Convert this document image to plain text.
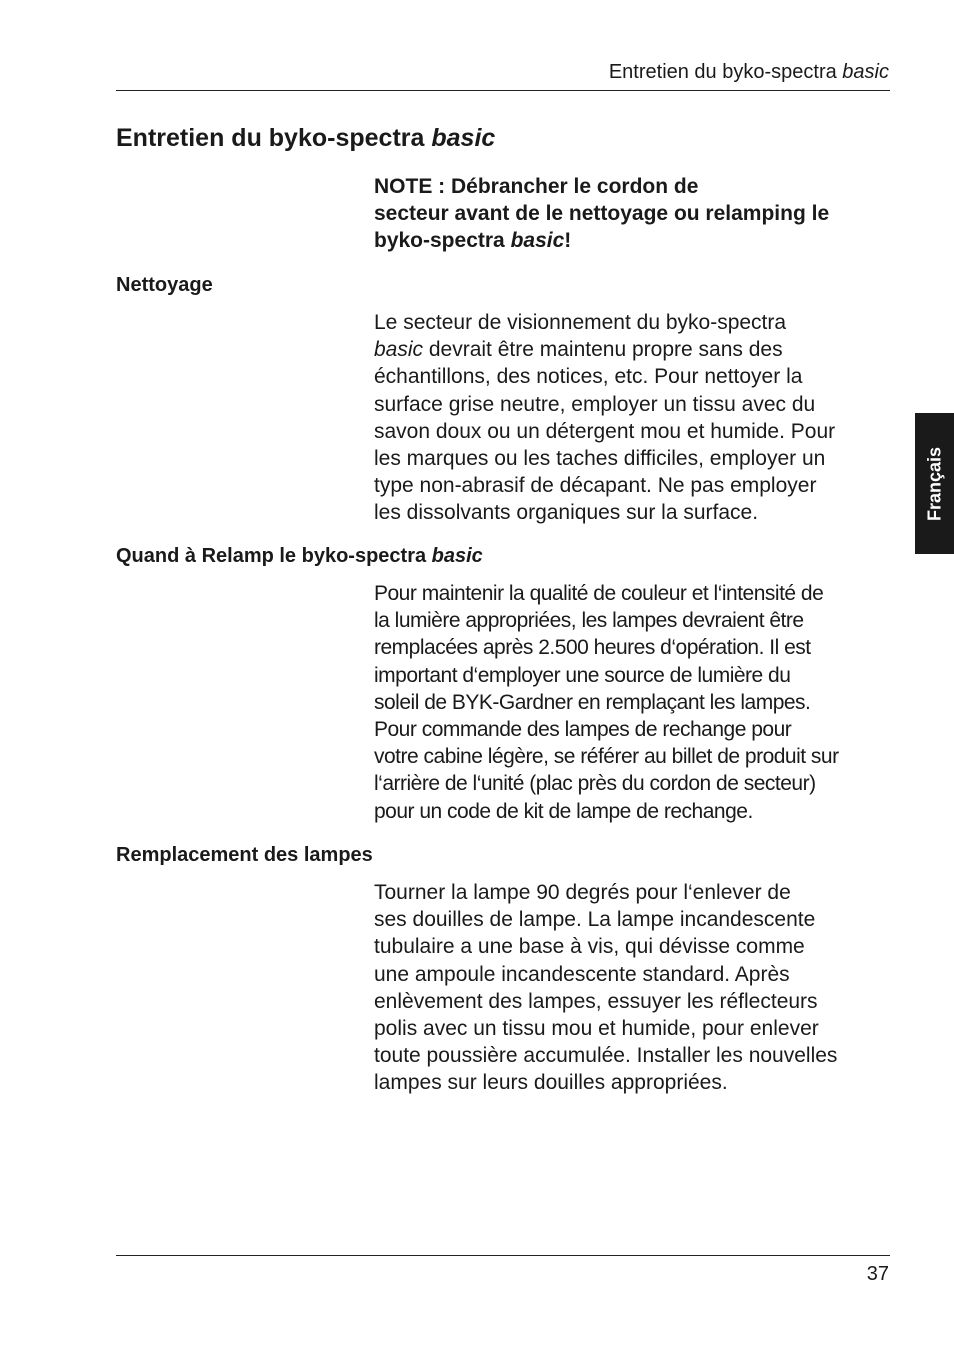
Entretien du byko-spectra basic
Entretien du byko-spectra basic

NOTE : Débrancher le cordon de
secteur avant de le nettoyage ou relamping le
byko-spectra basic!

Nettoyage

Le secteur de visionnement du byko-spectra
basic devrait être maintenu propre sans des
échantillons, des notices, etc. Pour nettoyer la
surface grise neutre, employer un tissu avec du
savon doux ou un détergent mou et humide. Pour
les marques ou les taches difficiles, employer un
type non-abrasif de décapant. Ne pas employer
les dissolvants organiques sur la surface.

Quand à Relamp le byko-spectra basic

Pour maintenir la qualité de couleur et l‘intensité de
la lumière appropriées, les lampes devraient être
remplacées après 2.500 heures d‘opération. Il est
important d‘employer une source de lumière du
soleil de BYK-Gardner en remplaçant les lampes.
Pour commande des lampes de rechange pour
votre cabine légère, se référer au billet de produit sur
l‘arrière de l‘unité (plac près du cordon de secteur)
pour un code de kit de lampe de rechange.

Remplacement des lampes

Tourner la lampe 90 degrés pour l‘enlever de
ses douilles de lampe. La lampe incandescente
tubulaire a une base à vis, qui dévisse comme
une ampoule incandescente standard. Après
enlèvement des lampes, essuyer les réflecteurs
polis avec un tissu mou et humide, pour enlever
toute poussière accumulée. Installer les nouvelles
lampes sur leurs douilles appropriées.

Français
37
